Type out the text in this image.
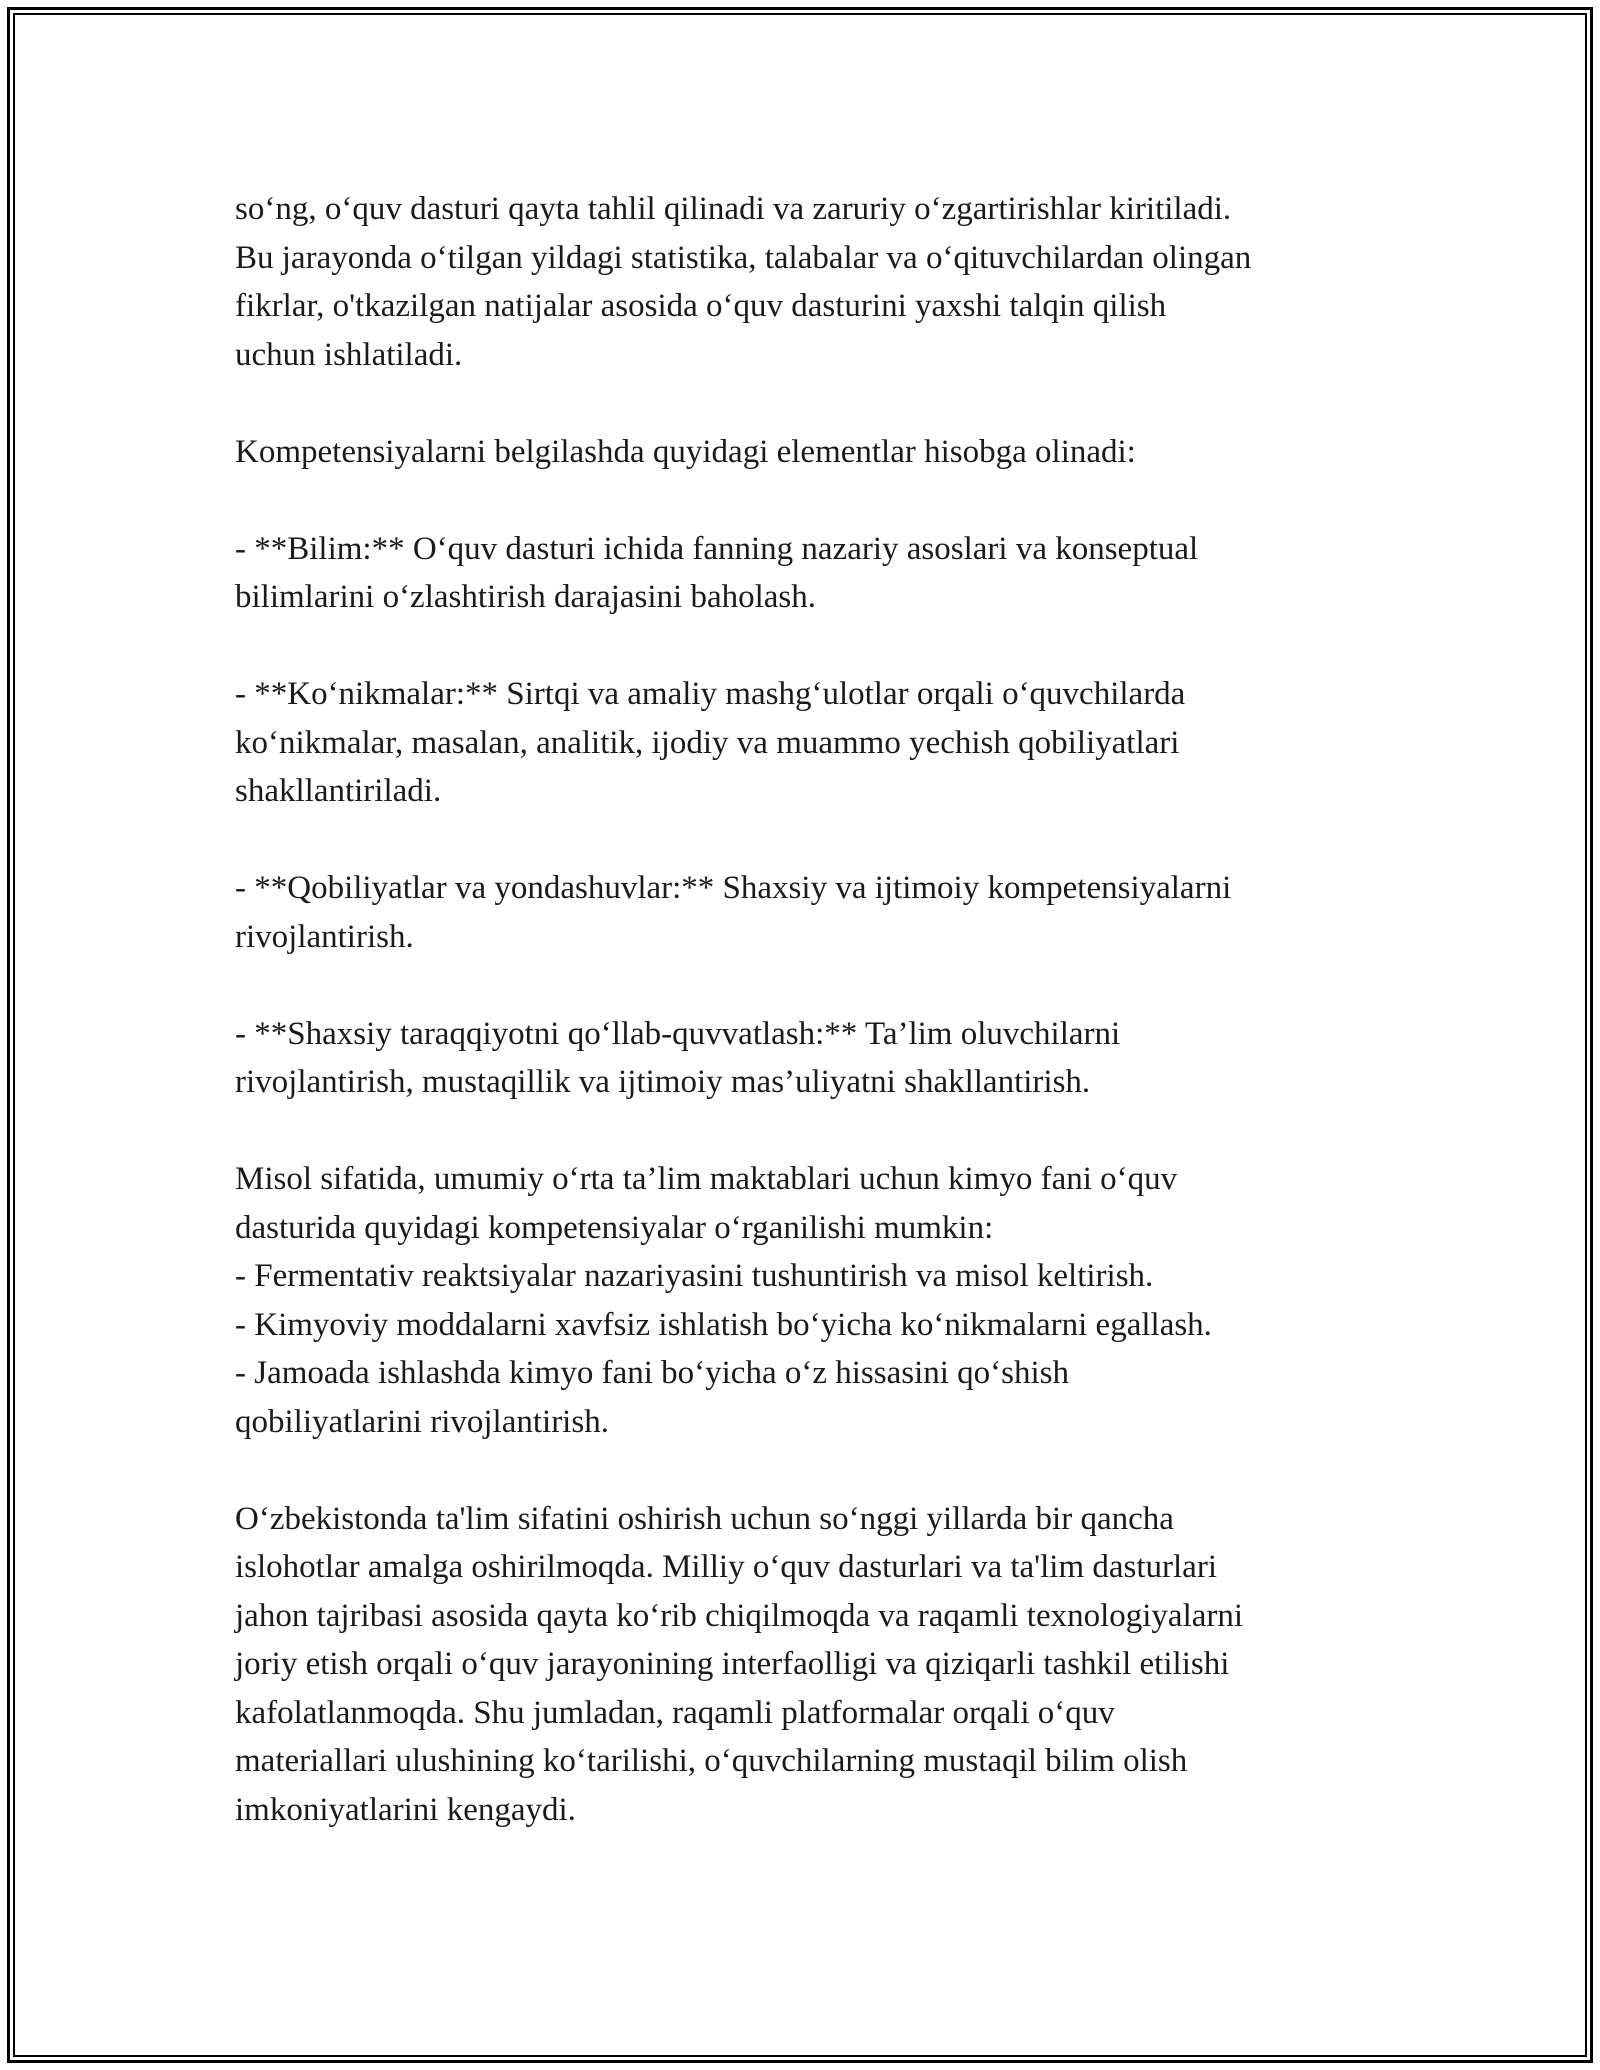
so‘ng, o‘quv dasturi qayta tahlil qilinadi va zaruriy o‘zgartirishlar kiritiladi.
Bu jarayonda o‘tilgan yildagi statistika, talabalar va o‘qituvchilardan olingan
fikrlar, o'tkazilgan natijalar asosida o‘quv dasturini yaxshi talqin qilish
uchun ishlatiladi.

Kompetensiyalarni belgilashda quyidagi elementlar hisobga olinadi:

- **Bilim:** O‘quv dasturi ichida fanning nazariy asoslari va konseptual
bilimlarini o‘zlashtirish darajasini baholash.

- **Ko‘nikmalar:** Sirtqi va amaliy mashg‘ulotlar orqali o‘quvchilarda
ko‘nikmalar, masalan, analitik, ijodiy va muammo yechish qobiliyatlari
shakllantiriladi.

- **Qobiliyatlar va yondashuvlar:** Shaxsiy va ijtimoiy kompetensiyalarni
rivojlantirish.

- **Shaxsiy taraqqiyotni qo‘llab-quvvatlash:** Ta’lim oluvchilarni
rivojlantirish, mustaqillik va ijtimoiy mas’uliyatni shakllantirish.

Misol sifatida, umumiy o‘rta ta’lim maktablari uchun kimyo fani o‘quv
dasturida quyidagi kompetensiyalar o‘rganilishi mumkin:
- Fermentativ reaktsiyalar nazariyasini tushuntirish va misol keltirish.
- Kimyoviy moddalarni xavfsiz ishlatish bo‘yicha ko‘nikmalarni egallash.
- Jamoada ishlashda kimyo fani bo‘yicha o‘z hissasini qo‘shish
qobiliyatlarini rivojlantirish.

O‘zbekistonda ta'lim sifatini oshirish uchun so‘nggi yillarda bir qancha
islohotlar amalga oshirilmoqda. Milliy o‘quv dasturlari va ta'lim dasturlari
jahon tajribasi asosida qayta ko‘rib chiqilmoqda va raqamli texnologiyalarni
joriy etish orqali o‘quv jarayonining interfaolligi va qiziqarli tashkil etilishi
kafolatlanmoqda. Shu jumladan, raqamli platformalar orqali o‘quv
materiallari ulushining ko‘tarilishi, o‘quvchilarning mustaqil bilim olish
imkoniyatlarini kengaydi.
